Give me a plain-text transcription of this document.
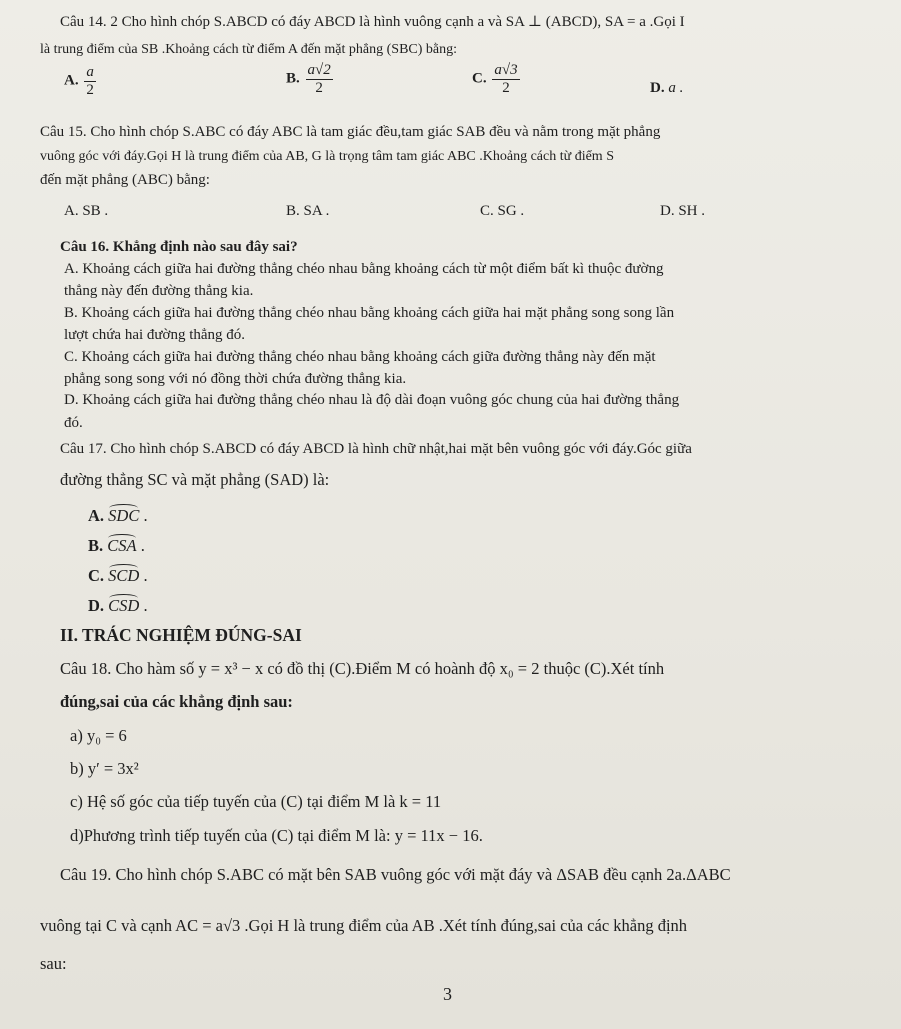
Câu 14. 2 Cho hình chóp S.ABCD có đáy ABCD là hình vuông cạnh a và SA ⊥ (ABCD), SA = a .Gọi I
là trung điểm của SB .Khoảng cách từ điểm A đến mặt phẳng (SBC) bằng:
A. $\frac{a}{2}$	B. $\frac{a√2}{2}$	C. $\frac{a√3}{2}$	D. a .
Câu 15. Cho hình chóp S.ABC có đáy ABC là tam giác đều,tam giác SAB đều và nằm trong mặt phẳng
vuông góc với đáy.Gọi H là trung điểm của AB, G là trọng tâm tam giác ABC .Khoảng cách từ điểm S
đến mặt phẳng (ABC) bằng:
A. SB .	B. SA .	C. SG .	D. SH .
Câu 16. Khẳng định nào sau đây sai?
A. Khoảng cách giữa hai đường thẳng chéo nhau bằng khoảng cách từ một điểm bất kì thuộc đường
thẳng này đến đường thẳng kia.
B. Khoảng cách giữa hai đường thẳng chéo nhau bằng khoảng cách giữa hai mặt phẳng song song lần
lượt chứa hai đường thẳng đó.
C. Khoảng cách giữa hai đường thẳng chéo nhau bằng khoảng cách giữa đường thẳng này đến mặt
phẳng song song với nó đồng thời chứa đường thẳng kia.
D. Khoảng cách giữa hai đường thẳng chéo nhau là độ dài đoạn vuông góc chung của hai đường thẳng
đó.
Câu 17. Cho hình chóp S.ABCD có đáy ABCD là hình chữ nhật,hai mặt bên vuông góc với đáy.Góc giữa
đường thẳng SC và mặt phẳng (SAD) là:
A. SDC .
B. CSA .
C. SCD .
D. CSD .
II. TRÁC NGHIỆM ĐÚNG-SAI
Câu 18. Cho hàm số y = x³ − x có đồ thị (C).Điểm M có hoành độ x₀ = 2 thuộc (C).Xét tính
đúng,sai của các khẳng định sau:
a) y₀ = 6
b) y′ = 3x²
c) Hệ số góc của tiếp tuyến của (C) tại điểm M là k = 11
d)Phương trình tiếp tuyến của (C) tại điểm M là: y = 11x − 16.
Câu 19. Cho hình chóp S.ABC có mặt bên SAB vuông góc với mặt đáy và ΔSAB đều cạnh 2a.ΔABC
vuông tại C và cạnh AC = a√3 .Gọi H là trung điểm của AB .Xét tính đúng,sai của các khẳng định
sau:
3
